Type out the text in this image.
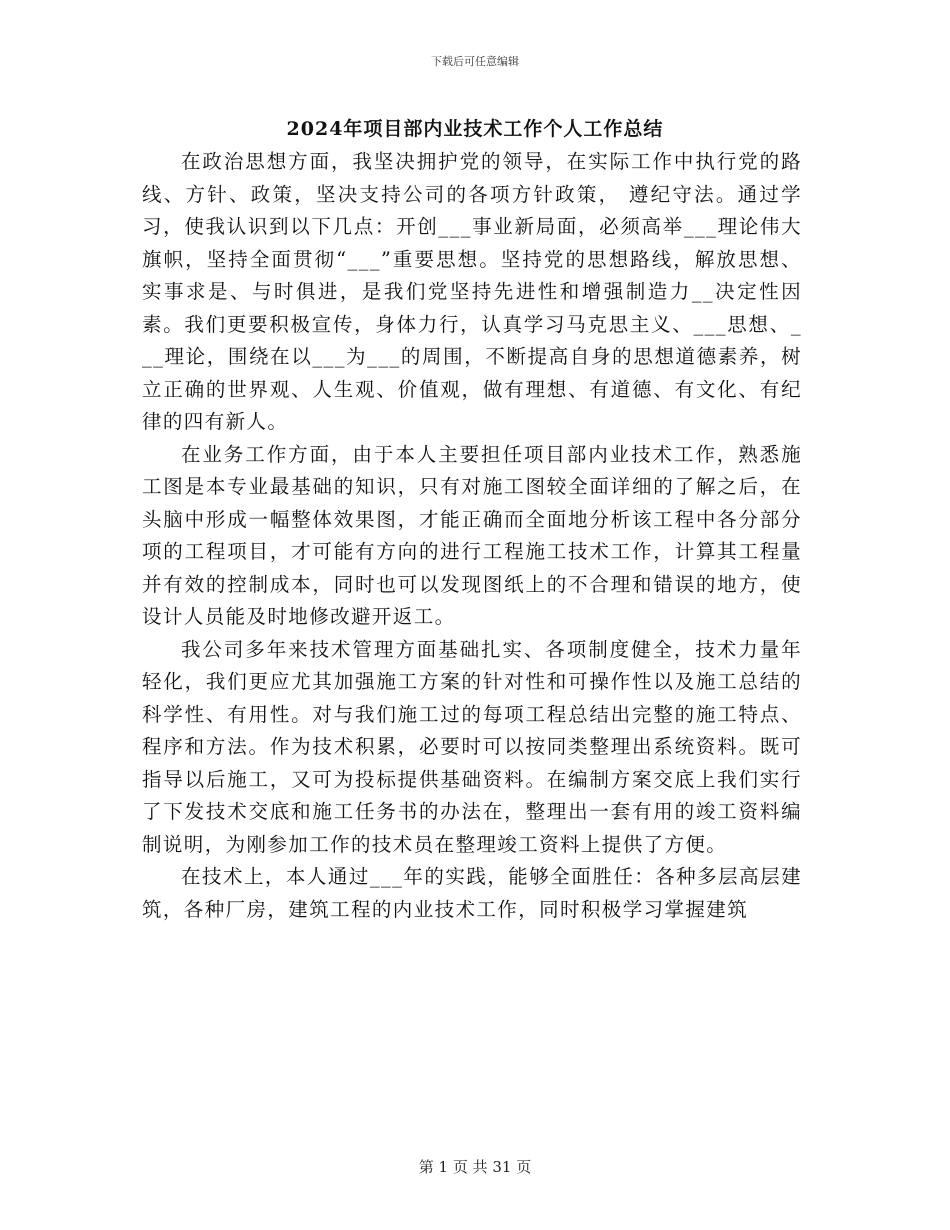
下载后可任意编辑
2024年项目部内业技术工作个人工作总结

在政治思想方面，我坚决拥护党的领导，在实际工作中执行党的路线、方针、政策，坚决支持公司的各项方针政策， 遵纪守法。通过学习，使我认识到以下几点：开创___事业新局面，必须高举___理论伟大旗帜，坚持全面贯彻“___”重要思想。坚持党的思想路线，解放思想、实事求是、与时俱进，是我们党坚持先进性和增强制造力__决定性因素。我们更要积极宣传，身体力行，认真学习马克思主义、___思想、___理论，围绕在以___为___的周围，不断提高自身的思想道德素养，树立正确的世界观、人生观、价值观，做有理想、有道德、有文化、有纪律的四有新人。

在业务工作方面，由于本人主要担任项目部内业技术工作，熟悉施工图是本专业最基础的知识，只有对施工图较全面详细的了解之后，在头脑中形成一幅整体效果图，才能正确而全面地分析该工程中各分部分项的工程项目，才可能有方向的进行工程施工技术工作，计算其工程量并有效的控制成本，同时也可以发现图纸上的不合理和错误的地方，使设计人员能及时地修改避开返工。

我公司多年来技术管理方面基础扎实、各项制度健全，技术力量年轻化，我们更应尤其加强施工方案的针对性和可操作性以及施工总结的科学性、有用性。对与我们施工过的每项工程总结出完整的施工特点、程序和方法。作为技术积累，必要时可以按同类整理出系统资料。既可指导以后施工，又可为投标提供基础资料。在编制方案交底上我们实行了下发技术交底和施工任务书的办法在，整理出一套有用的竣工资料编制说明，为刚参加工作的技术员在整理竣工资料上提供了方便。

在技术上，本人通过___年的实践，能够全面胜任：各种多层高层建筑，各种厂房，建筑工程的内业技术工作，同时积极学习掌握建筑

第 1 页 共 31 页
